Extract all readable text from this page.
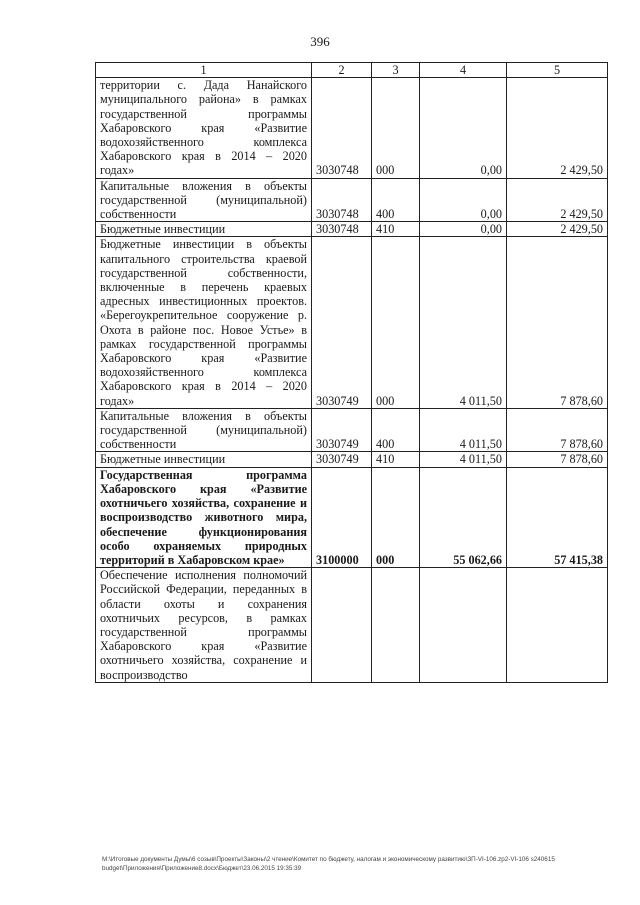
396
1	2	3	4	5
территории с. Дада Нанайского муниципального района» в рамках государственной программы Хабаровского края «Развитие водохозяйственного комплекса Хабаровского края в 2014 – 2020 годах»	3030748	000	0,00	2 429,50
Капитальные вложения в объекты государственной (муниципальной) собственности	3030748	400	0,00	2 429,50
Бюджетные инвестиции	3030748	410	0,00	2 429,50
Бюджетные инвестиции в объекты капитального строительства краевой государственной собственности, включенные в перечень краевых адресных инвестиционных проектов. «Берегоукрепительное сооружение р. Охота в районе пос. Новое Устье» в рамках государственной программы Хабаровского края «Развитие водохозяйственного комплекса Хабаровского края в 2014 – 2020 годах»	3030749	000	4 011,50	7 878,60
Капитальные вложения в объекты государственной (муниципальной) собственности	3030749	400	4 011,50	7 878,60
Бюджетные инвестиции	3030749	410	4 011,50	7 878,60
Государственная программа Хабаровского края «Развитие охотничьего хозяйства, сохранение и воспроизводство животного мира, обеспечение функционирования особо охраняемых природных территорий в Хабаровском крае»	3100000	000	55 062,66	57 415,38
Обеспечение исполнения полномочий Российской Федерации, переданных в области охоты и сохранения охотничьих ресурсов, в рамках государственной программы Хабаровского края «Развитие охотничьего хозяйства, сохранение и воспроизводство				
M:\Итоговые документы Думы\6 созыв\Проекты\Законы\2 чтение\Комитет по бюджету, налогам и экономическому развитию\ЗП-VI-106.zp2-VI-106 s240615 budget\Приложения\Приложение8.docx\Бюджет\23.06.2015 19:35:39
